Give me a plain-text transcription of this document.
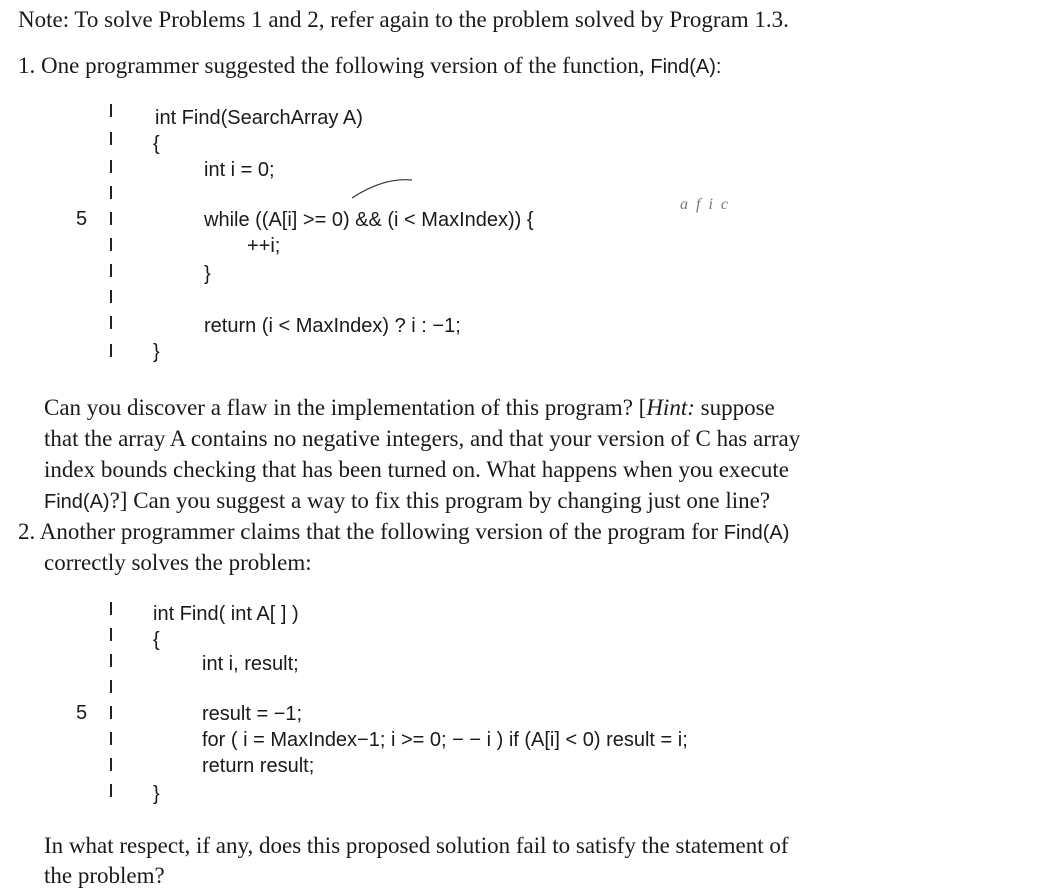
Note: To solve Problems 1 and 2, refer again to the problem solved by Program 1.3.
1. One programmer suggested the following version of the function, Find(A):
5
int Find(SearchArray A)
{
int i = 0;
while ((A[i] >= 0) && (i < MaxIndex)) {
++i;
}
return (i < MaxIndex) ? i : −1;
}
a f i c
Can you discover a flaw in the implementation of this program? [Hint: suppose
that the array A contains no negative integers, and that your version of C has array
index bounds checking that has been turned on. What happens when you execute
Find(A)?] Can you suggest a way to fix this program by changing just one line?
2. Another programmer claims that the following version of the program for Find(A)
correctly solves the problem:
5
int Find( int A[ ] )
{
int i, result;
result = −1;
for ( i = MaxIndex−1; i >= 0; − − i ) if (A[i] < 0) result = i;
return result;
}
In what respect, if any, does this proposed solution fail to satisfy the statement of
the problem?
